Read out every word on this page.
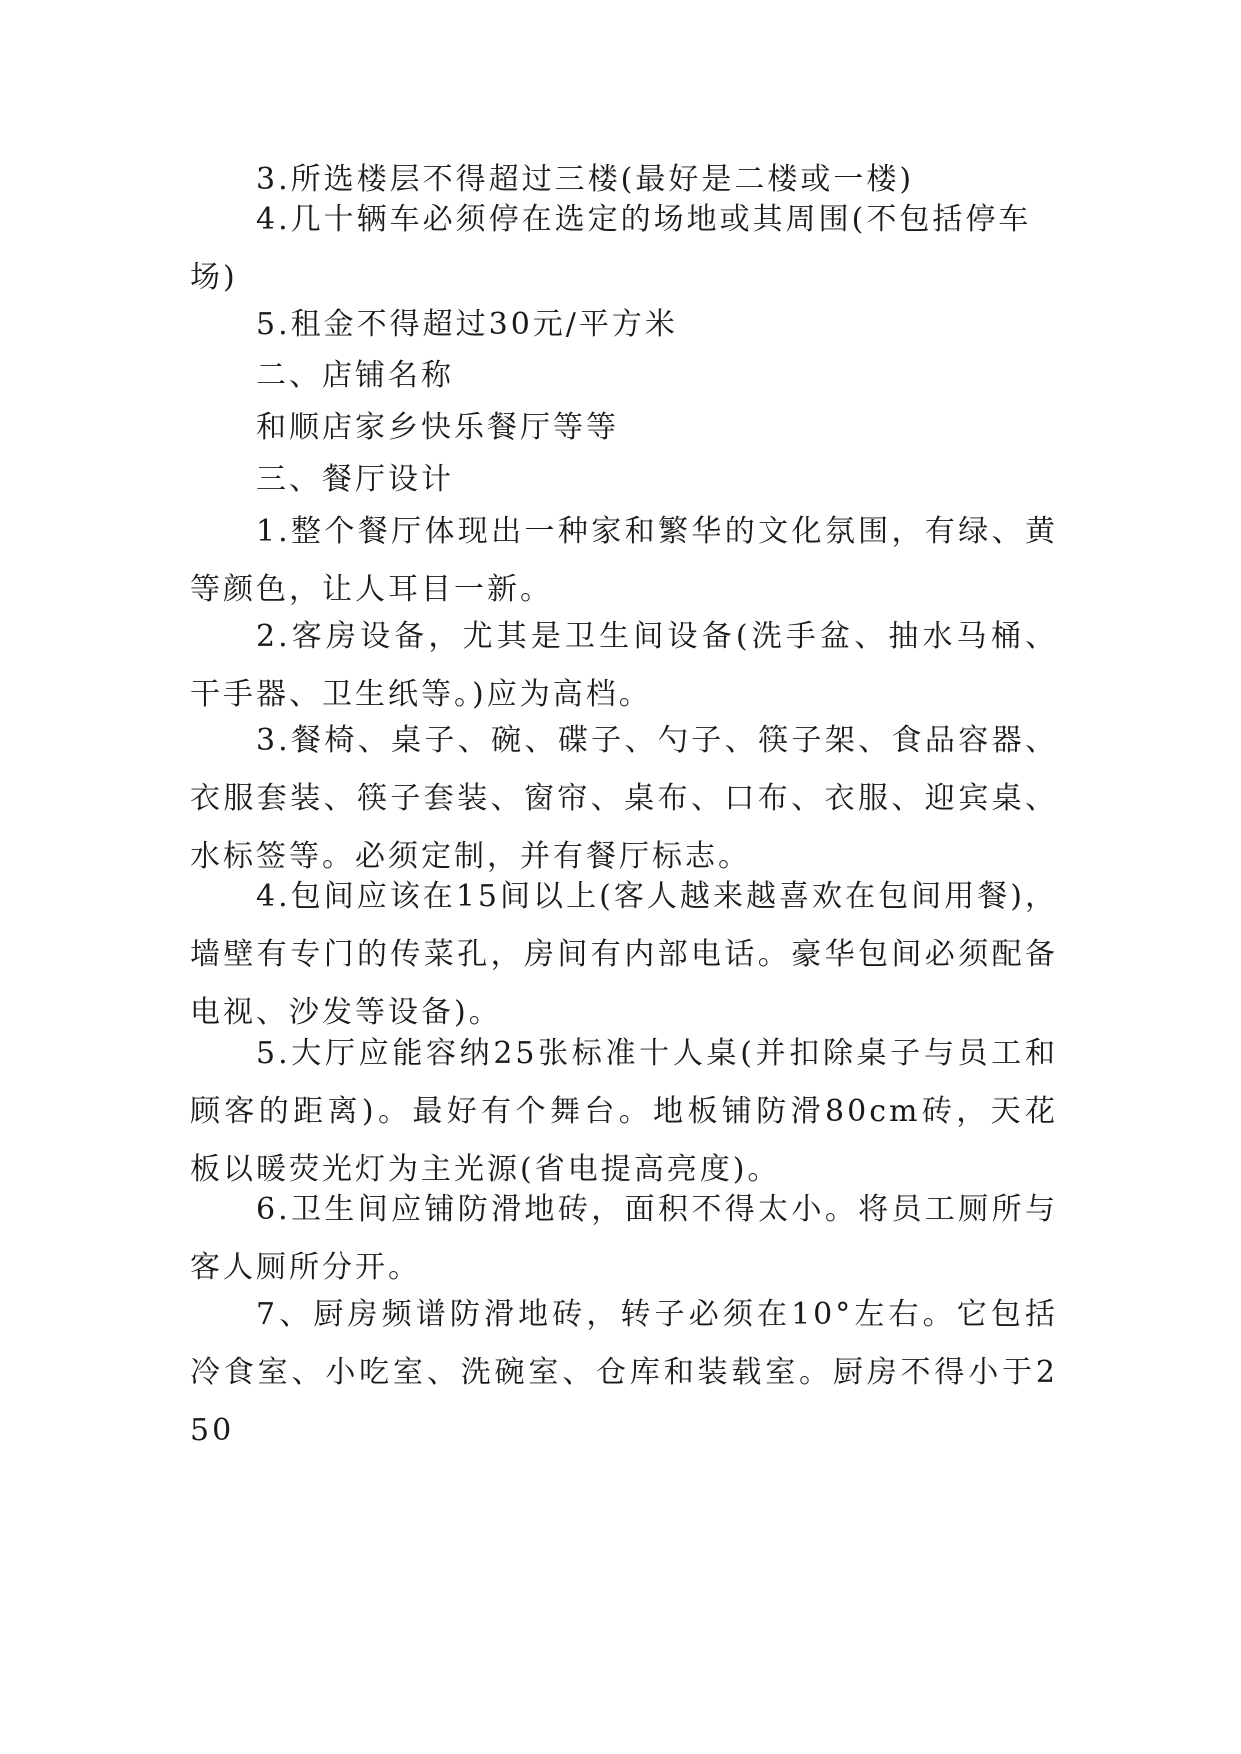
3.所选楼层不得超过三楼(最好是二楼或一楼)

4.几十辆车必须停在选定的场地或其周围(不包括停车场)

5.租金不得超过30元/平方米

二、店铺名称

和顺店家乡快乐餐厅等等

三、餐厅设计

1.整个餐厅体现出一种家和繁华的文化氛围，有绿、黄等颜色，让人耳目一新。

2.客房设备，尤其是卫生间设备(洗手盆、抽水马桶、干手器、卫生纸等。)应为高档。

3.餐椅、桌子、碗、碟子、勺子、筷子架、食品容器、衣服套装、筷子套装、窗帘、桌布、口布、衣服、迎宾桌、水标签等。必须定制，并有餐厅标志。

4.包间应该在15间以上(客人越来越喜欢在包间用餐)，墙壁有专门的传菜孔，房间有内部电话。豪华包间必须配备电视、沙发等设备)。

5.大厅应能容纳25张标准十人桌(并扣除桌子与员工和顾客的距离)。最好有个舞台。地板铺防滑80cm砖，天花板以暖荧光灯为主光源(省电提高亮度)。

6.卫生间应铺防滑地砖，面积不得太小。将员工厕所与客人厕所分开。

7、厨房频谱防滑地砖，转子必须在10°左右。它包括冷食室、小吃室、洗碗室、仓库和装载室。厨房不得小于250
